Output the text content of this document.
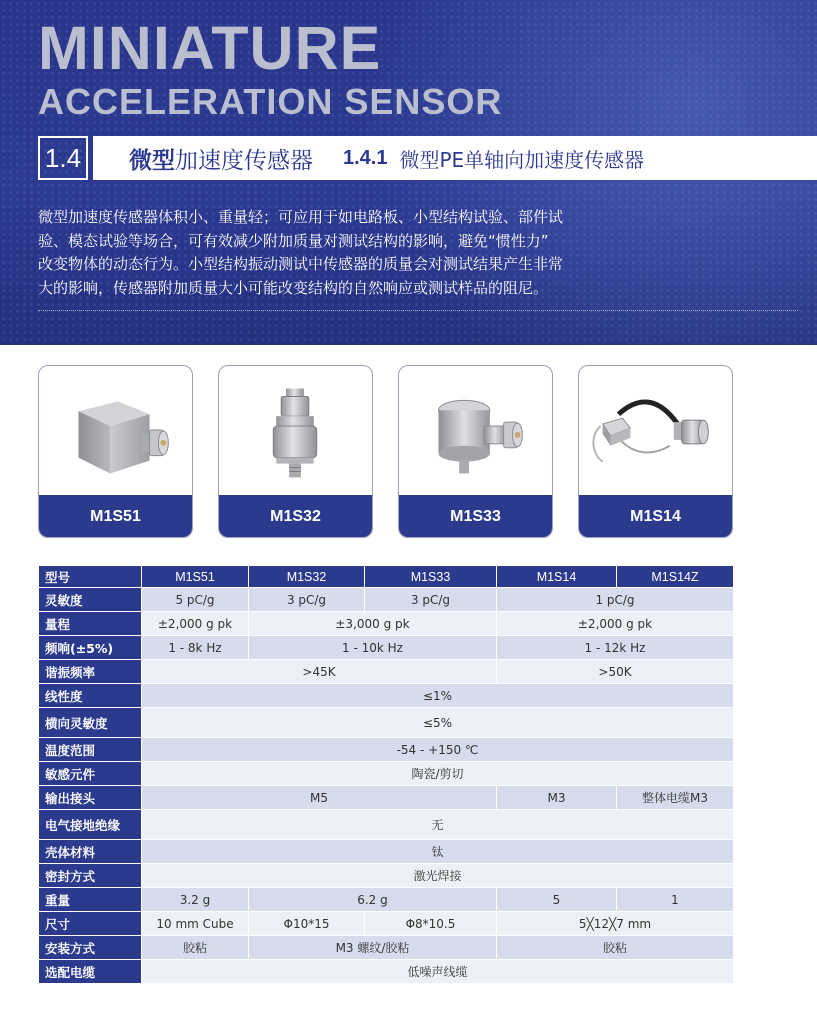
MINIATURE
ACCELERATION SENSOR
1.4	微型 加速度传感器 1.4.1 微型PE单轴向加速度传感器
微型加速度传感器体积小、重量轻；可应用于如电路板、小型结构试验、部件试
验、模态试验等场合，可有效减少附加质量对测试结构的影响，避免“惯性力”
改变物体的动态行为。小型结构振动测试中传感器的质量会对测试结果产生非常
大的影响，传感器附加质量大小可能改变结构的自然响应或测试样品的阻尼。
M1S51	M1S32	M1S33	M1S14
型号	M1S51	M1S32	M1S33	M1S14	M1S14Z
灵敏度	5 pC/g	3 pC/g	3 pC/g	1 pC/g	
量程	±2,000 g pk	±3,000 g pk		±2,000 g pk	
频响(±5%)	1 - 8k Hz	1 - 10k Hz		1 - 12k Hz	
谐振频率	>45K			>50K	
线性度	≤1%				
横向灵敏度	≤5%				
温度范围	-54 - +150 ℃				
敏感元件	陶瓷/剪切				
输出接头	M5			M3	整体电缆M3
电气接地绝缘	无				
壳体材料	钛				
密封方式	激光焊接				
重量	3.2 g	6.2 g		5	1
尺寸	10 mm Cube	Φ10*15	Φ8*10.5	5╳12╳7 mm	
安装方式	胶粘	M3 螺纹/胶粘		胶粘	
选配电缆	低噪声线缆				
